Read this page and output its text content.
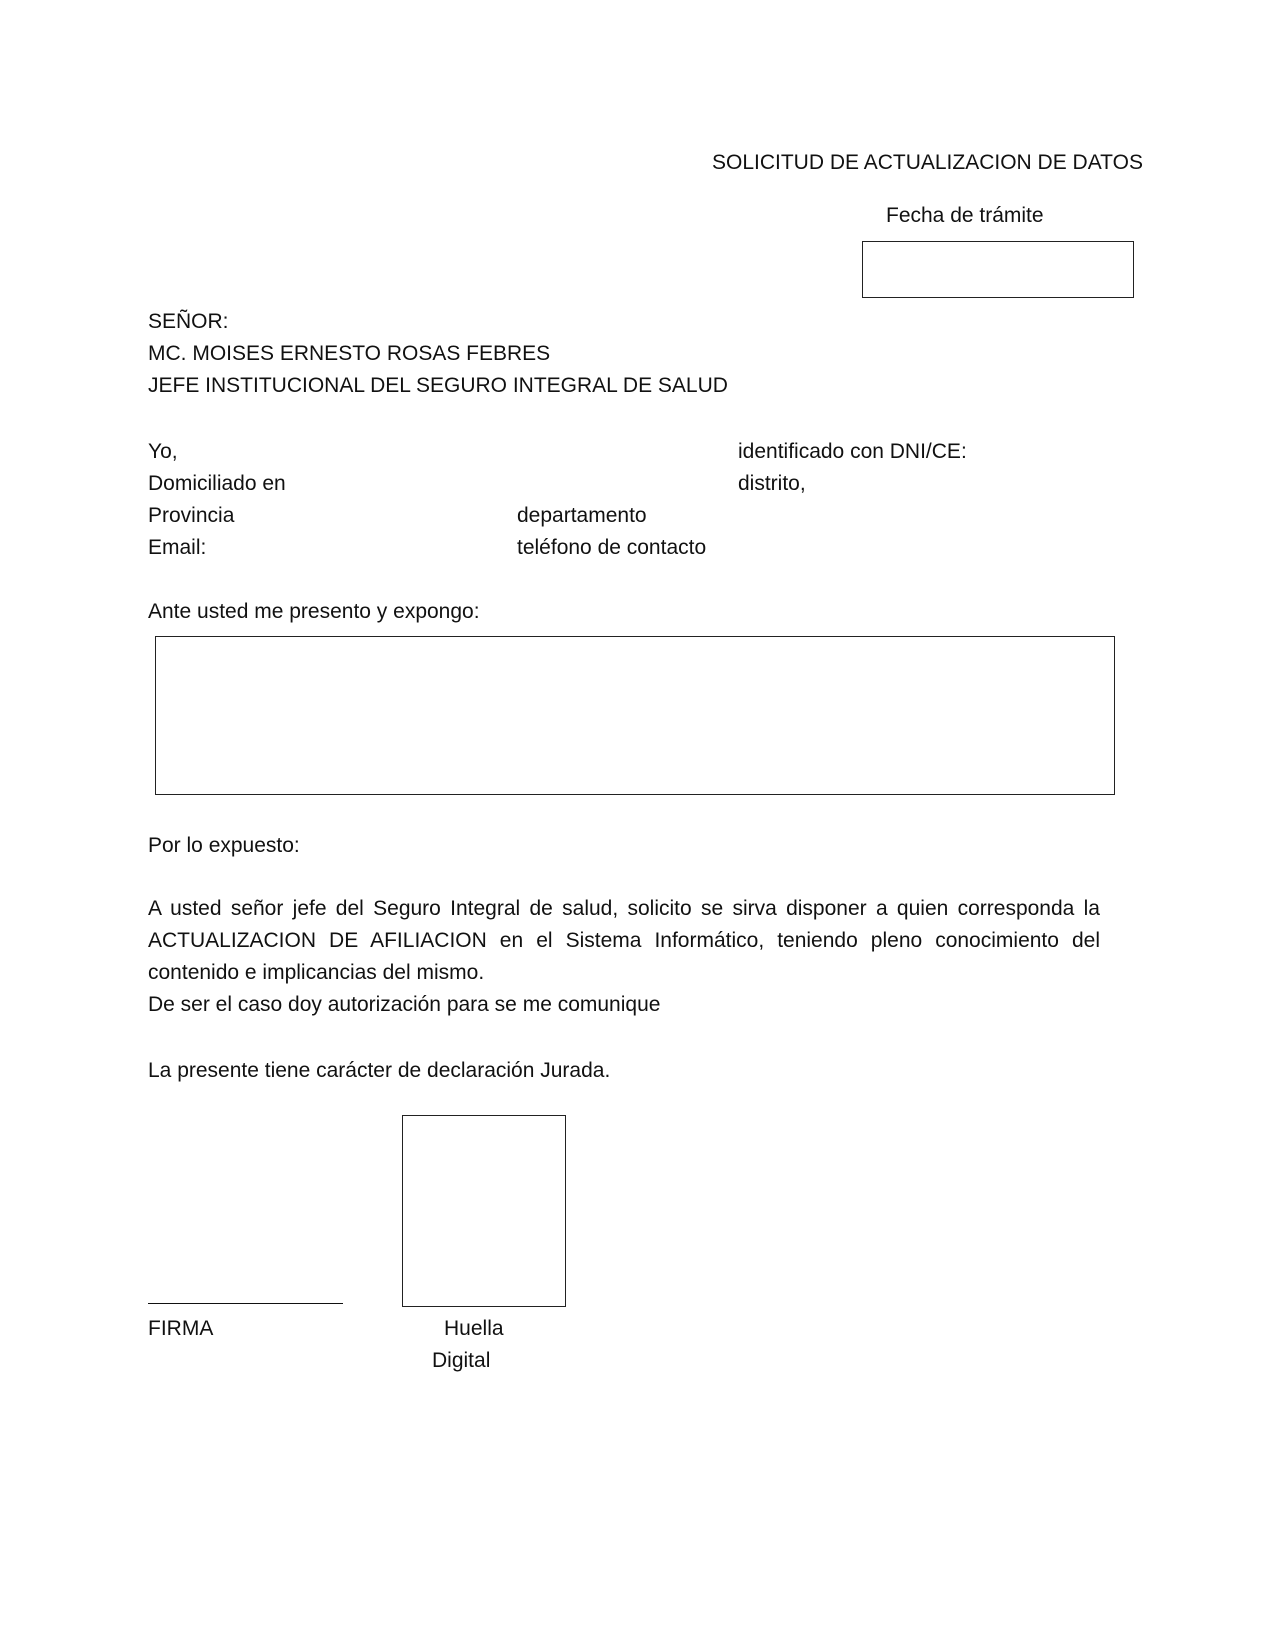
SOLICITUD DE ACTUALIZACION DE DATOS
Fecha de trámite
SEÑOR:
MC. MOISES ERNESTO ROSAS FEBRES
JEFE INSTITUCIONAL DEL SEGURO INTEGRAL DE SALUD
Yo,	identificado con DNI/CE:
Domiciliado en	distrito,
Provincia	departamento
Email:	teléfono de contacto
Ante usted me presento y expongo:
Por lo expuesto:
A usted señor jefe del Seguro Integral de salud, solicito se sirva disponer a quien corresponda la
ACTUALIZACION DE AFILIACION en el Sistema Informático, teniendo pleno conocimiento del
contenido e implicancias del mismo.
De ser el caso doy autorización para se me comunique
La presente tiene carácter de declaración Jurada.
FIRMA	Huella
Digital
